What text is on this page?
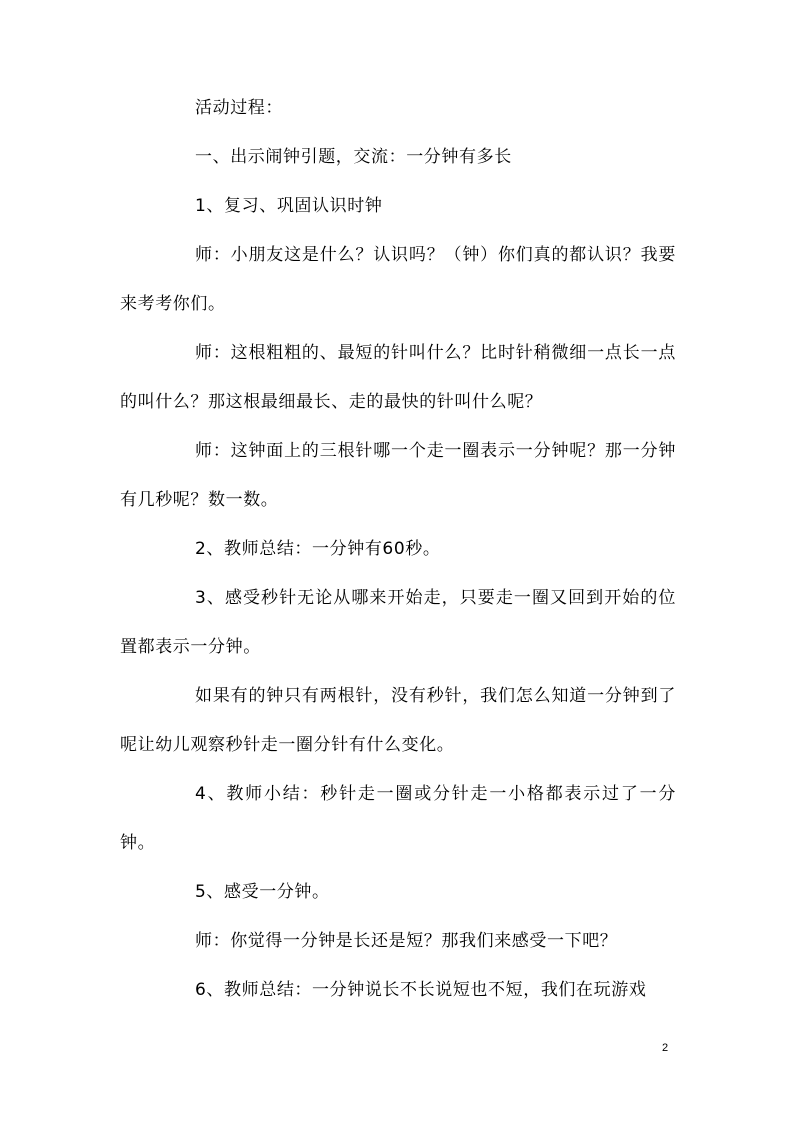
活动过程：

一、出示闹钟引题，交流：一分钟有多长

1、复习、巩固认识时钟

师：小朋友这是什么？认识吗？（钟）你们真的都认识？我要来考考你们。

师：这根粗粗的、最短的针叫什么？比时针稍微细一点长一点的叫什么？那这根最细最长、走的最快的针叫什么呢？

师：这钟面上的三根针哪一个走一圈表示一分钟呢？那一分钟有几秒呢？数一数。

2、教师总结：一分钟有60秒。

3、感受秒针无论从哪来开始走，只要走一圈又回到开始的位置都表示一分钟。

如果有的钟只有两根针，没有秒针，我们怎么知道一分钟到了呢让幼儿观察秒针走一圈分针有什么变化。

4、教师小结：秒针走一圈或分针走一小格都表示过了一分钟。

5、感受一分钟。

师：你觉得一分钟是长还是短？那我们来感受一下吧？

6、教师总结：一分钟说长不长说短也不短，我们在玩游戏

2
